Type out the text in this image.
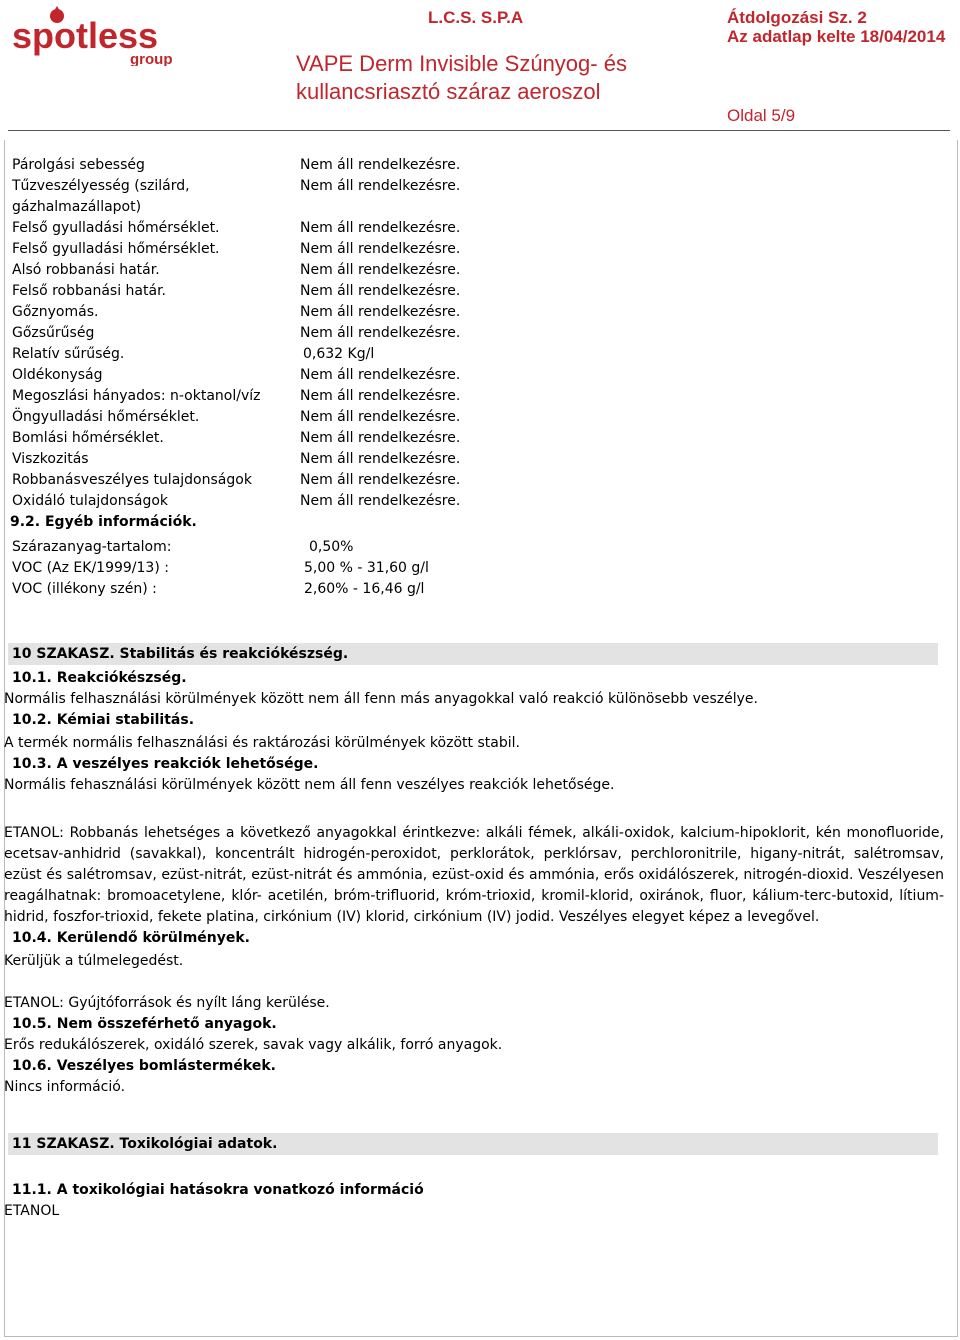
spotless
group
L.C.S. S.P.A	Átdolgozási Sz. 2
Az adatlap kelte 18/04/2014
VAPE Derm Invisible Szúnyog- és
kullancsriasztó száraz aeroszol
Oldal 5/9
Párolgási sebesség	Nem áll rendelkezésre.
Tűzveszélyesség (szilárd, gázhalmazállapot)
Nem áll rendelkezésre.
Felső gyulladási hőmérséklet.	Nem áll rendelkezésre.
Felső gyulladási hőmérséklet.	Nem áll rendelkezésre.
Alsó robbanási határ.	Nem áll rendelkezésre.
Felső robbanási határ.	Nem áll rendelkezésre.
Gőznyomás.	Nem áll rendelkezésre.
Gőzsűrűség	Nem áll rendelkezésre.
Relatív sűrűség.	0,632 Kg/l
Oldékonyság	Nem áll rendelkezésre.
Megoszlási hányados: n-oktanol/víz	Nem áll rendelkezésre.
Öngyulladási hőmérséklet.	Nem áll rendelkezésre.
Bomlási hőmérséklet.	Nem áll rendelkezésre.
Viszkozitás	Nem áll rendelkezésre.
Robbanásveszélyes tulajdonságok	Nem áll rendelkezésre.
Oxidáló tulajdonságok	Nem áll rendelkezésre.
9.2. Egyéb információk.
Szárazanyag-tartalom:	0,50%
VOC (Az EK/1999/13) :	5,00 % - 31,60 g/l
VOC (illékony szén) :	2,60% - 16,46 g/l
10 SZAKASZ. Stabilitás és reakciókészség.
10.1. Reakciókészség.
Normális felhasználási körülmények között nem áll fenn más anyagokkal való reakció különösebb veszélye.
10.2. Kémiai stabilitás.
A termék normális felhasználási és raktározási körülmények között stabil.
10.3. A veszélyes reakciók lehetősége.
Normális fehasználási körülmények között nem áll fenn veszélyes reakciók lehetősége.
ETANOL: Robbanás lehetséges a következő anyagokkal érintkezve: alkáli fémek, alkáli-oxidok, kalcium-hipoklorit, kén monofluoride, ecetsav-anhidrid (savakkal), koncentrált hidrogén-peroxidot, perklorátok, perklórsav, perchloronitrile, higany-nitrát, salétromsav, ezüst és salétromsav, ezüst-nitrát, ezüst-nitrát és ammónia, ezüst-oxid és ammónia, erős oxidálószerek, nitrogén-dioxid. Veszélyesen reagálhatnak: bromoacetylene, klór- acetilén, bróm-trifluorid, króm-trioxid, kromil-klorid, oxiránok, fluor, kálium-terc-butoxid, lítium-hidrid, foszfor-trioxid, fekete platina, cirkónium (IV) klorid, cirkónium (IV) jodid. Veszélyes elegyet képez a levegővel.
10.4. Kerülendő körülmények.
Kerüljük a túlmelegedést.
ETANOL: Gyújtóforrások és nyílt láng kerülése.
10.5. Nem összeférhető anyagok.
Erős redukálószerek, oxidáló szerek, savak vagy alkálik, forró anyagok.
10.6. Veszélyes bomlástermékek.
Nincs információ.
11 SZAKASZ. Toxikológiai adatok.
11.1. A toxikológiai hatásokra vonatkozó információ
ETANOL
